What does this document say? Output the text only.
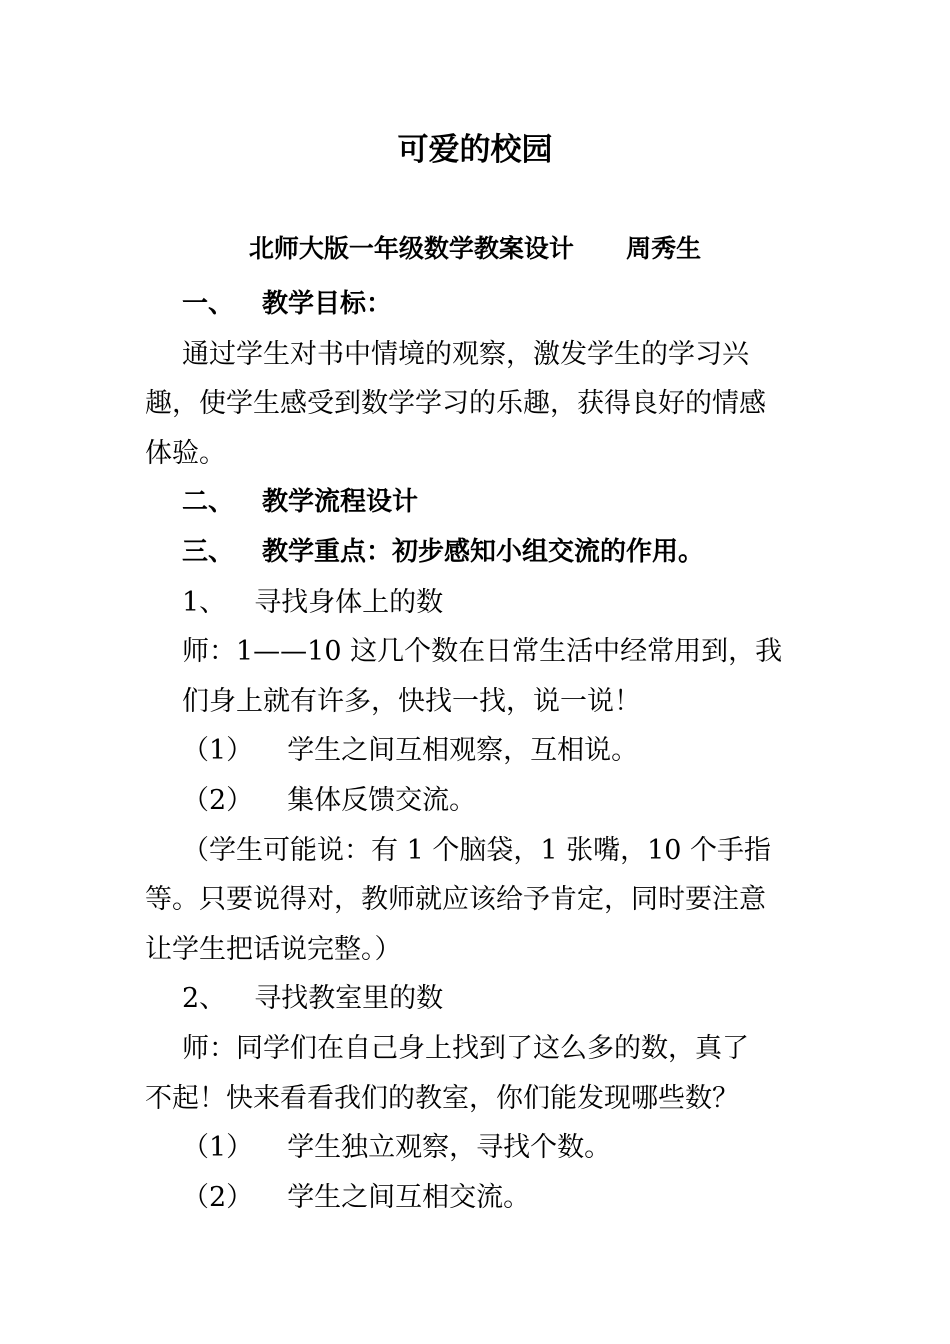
可爱的校园
北师大版一年级数学教案设计      周秀生

一、 教学目标：

通过学生对书中情境的观察，激发学生的学习兴

趣，使学生感受到数学学习的乐趣，获得良好的情感

体验。

二、 教学流程设计

三、 教学重点：初步感知小组交流的作用。

1、 寻找身体上的数

师：1——10 这几个数在日常生活中经常用到，我

们身上就有许多，快找一找，说一说！

（1） 学生之间互相观察，互相说。

（2） 集体反馈交流。

（学生可能说：有 1 个脑袋，1 张嘴，10 个手指

等。只要说得对，教师就应该给予肯定，同时要注意

让学生把话说完整。）

2、 寻找教室里的数

师：同学们在自己身上找到了这么多的数，真了

不起！快来看看我们的教室，你们能发现哪些数？

（1） 学生独立观察，寻找个数。

（2） 学生之间互相交流。
